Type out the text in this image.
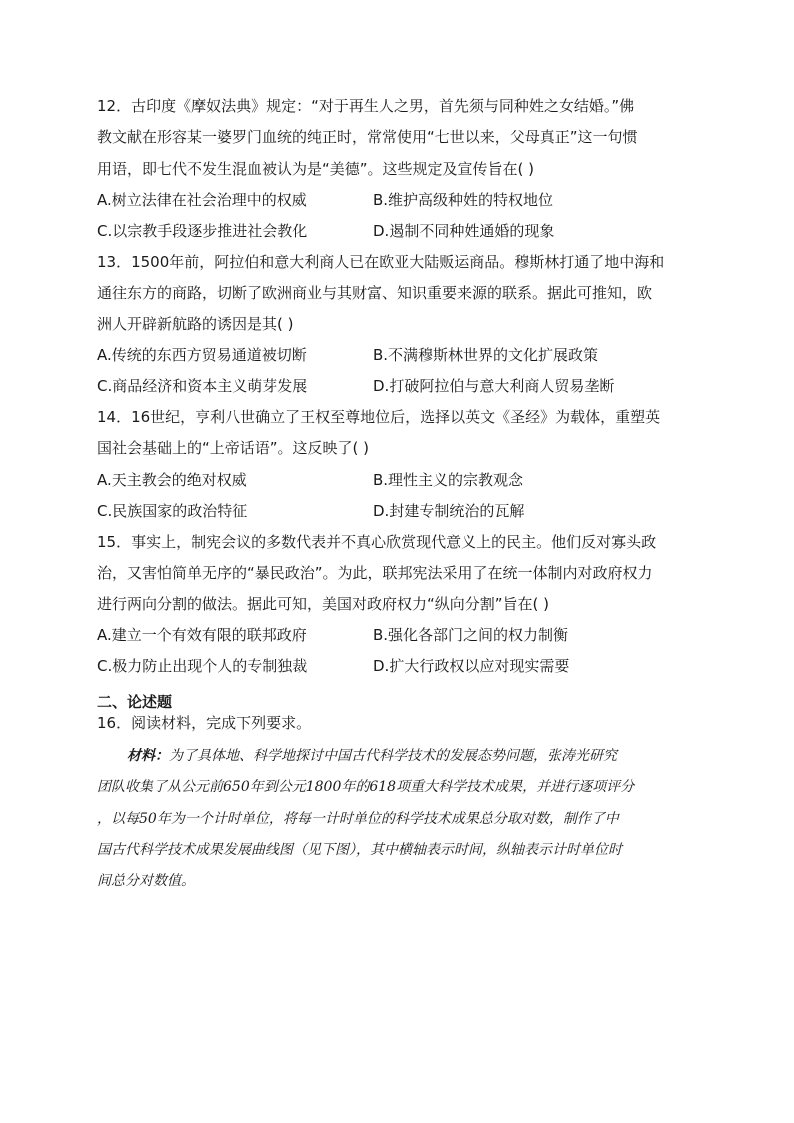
12．古印度《摩奴法典》规定：“对于再生人之男，首先须与同种姓之女结婚。”佛
教文献在形容某一婆罗门血统的纯正时，常常使用“七世以来，父母真正”这一句惯
用语，即七代不发生混血被认为是“美德”。这些规定及宣传旨在( )
A.树立法律在社会治理中的权威	B.维护高级种姓的特权地位
C.以宗教手段逐步推进社会教化	D.遏制不同种姓通婚的现象
13．1500年前，阿拉伯和意大利商人已在欧亚大陆贩运商品。穆斯林打通了地中海和
通往东方的商路，切断了欧洲商业与其财富、知识重要来源的联系。据此可推知，欧
洲人开辟新航路的诱因是其( )
A.传统的东西方贸易通道被切断	B.不满穆斯林世界的文化扩展政策
C.商品经济和资本主义萌芽发展	D.打破阿拉伯与意大利商人贸易垄断
14．16世纪，亨利八世确立了王权至尊地位后，选择以英文《圣经》为载体，重塑英
国社会基础上的“上帝话语”。这反映了( )
A.天主教会的绝对权威	B.理性主义的宗教观念
C.民族国家的政治特征	D.封建专制统治的瓦解
15．事实上，制宪会议的多数代表并不真心欣赏现代意义上的民主。他们反对寡头政
治，又害怕简单无序的“暴民政治”。为此，联邦宪法采用了在统一体制内对政府权力
进行两向分割的做法。据此可知，美国对政府权力“纵向分割”旨在( )
A.建立一个有效有限的联邦政府	B.强化各部门之间的权力制衡
C.极力防止出现个人的专制独裁	D.扩大行政权以应对现实需要
二、论述题
16．阅读材料，完成下列要求。
材料：为了具体地、科学地探讨中国古代科学技术的发展态势问题，张涛光研究
团队收集了从公元前650年到公元1800年的618项重大科学技术成果，并进行逐项评分
，以每50年为一个计时单位，将每一计时单位的科学技术成果总分取对数，制作了中
国古代科学技术成果发展曲线图（见下图），其中横轴表示时间，纵轴表示计时单位时
间总分对数值。
